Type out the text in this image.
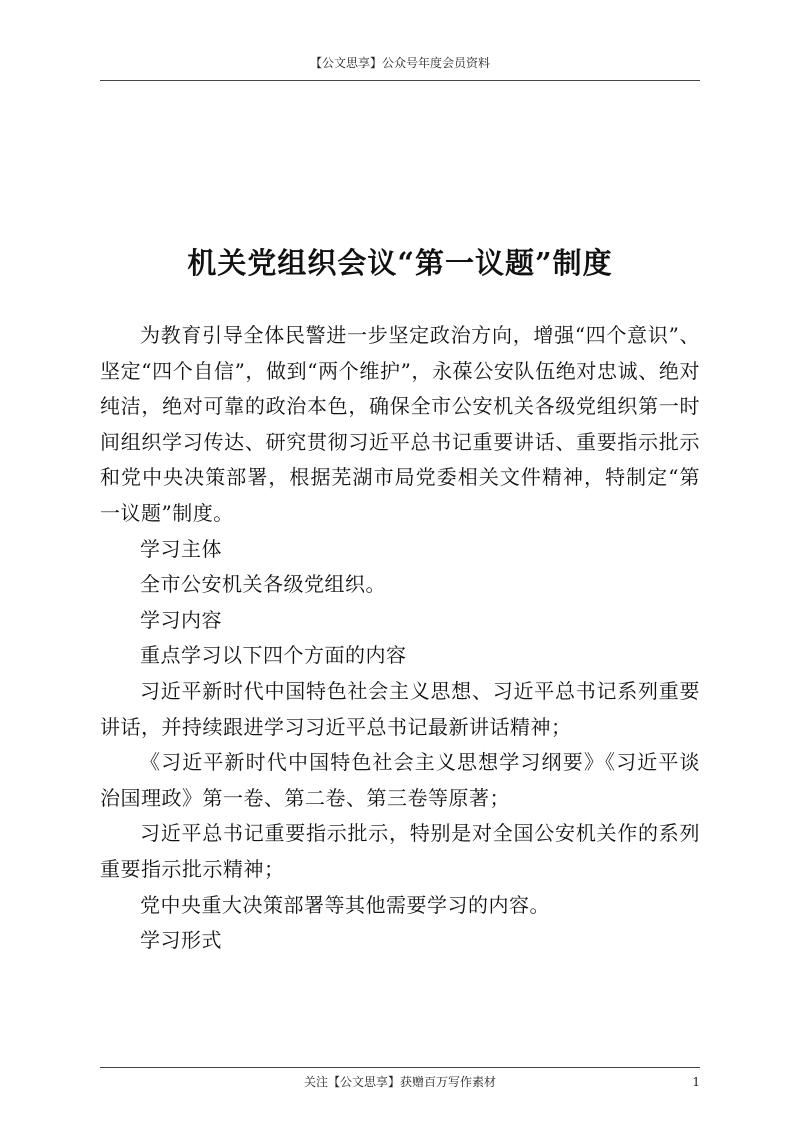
【公文思享】公众号年度会员资料
机关党组织会议“第一议题”制度

为教育引导全体民警进一步坚定政治方向，增强“四个意识”、坚定“四个自信”，做到“两个维护”，永葆公安队伍绝对忠诚、绝对纯洁，绝对可靠的政治本色，确保全市公安机关各级党组织第一时间组织学习传达、研究贯彻习近平总书记重要讲话、重要指示批示和党中央决策部署，根据芜湖市局党委相关文件精神，特制定“第一议题”制度。

学习主体

全市公安机关各级党组织。

学习内容

重点学习以下四个方面的内容

习近平新时代中国特色社会主义思想、习近平总书记系列重要讲话，并持续跟进学习习近平总书记最新讲话精神；

《习近平新时代中国特色社会主义思想学习纲要》《习近平谈治国理政》第一卷、第二卷、第三卷等原著；

习近平总书记重要指示批示，特别是对全国公安机关作的系列重要指示批示精神；

党中央重大决策部署等其他需要学习的内容。

学习形式

关注【公文思享】获赠百万写作素材	1
